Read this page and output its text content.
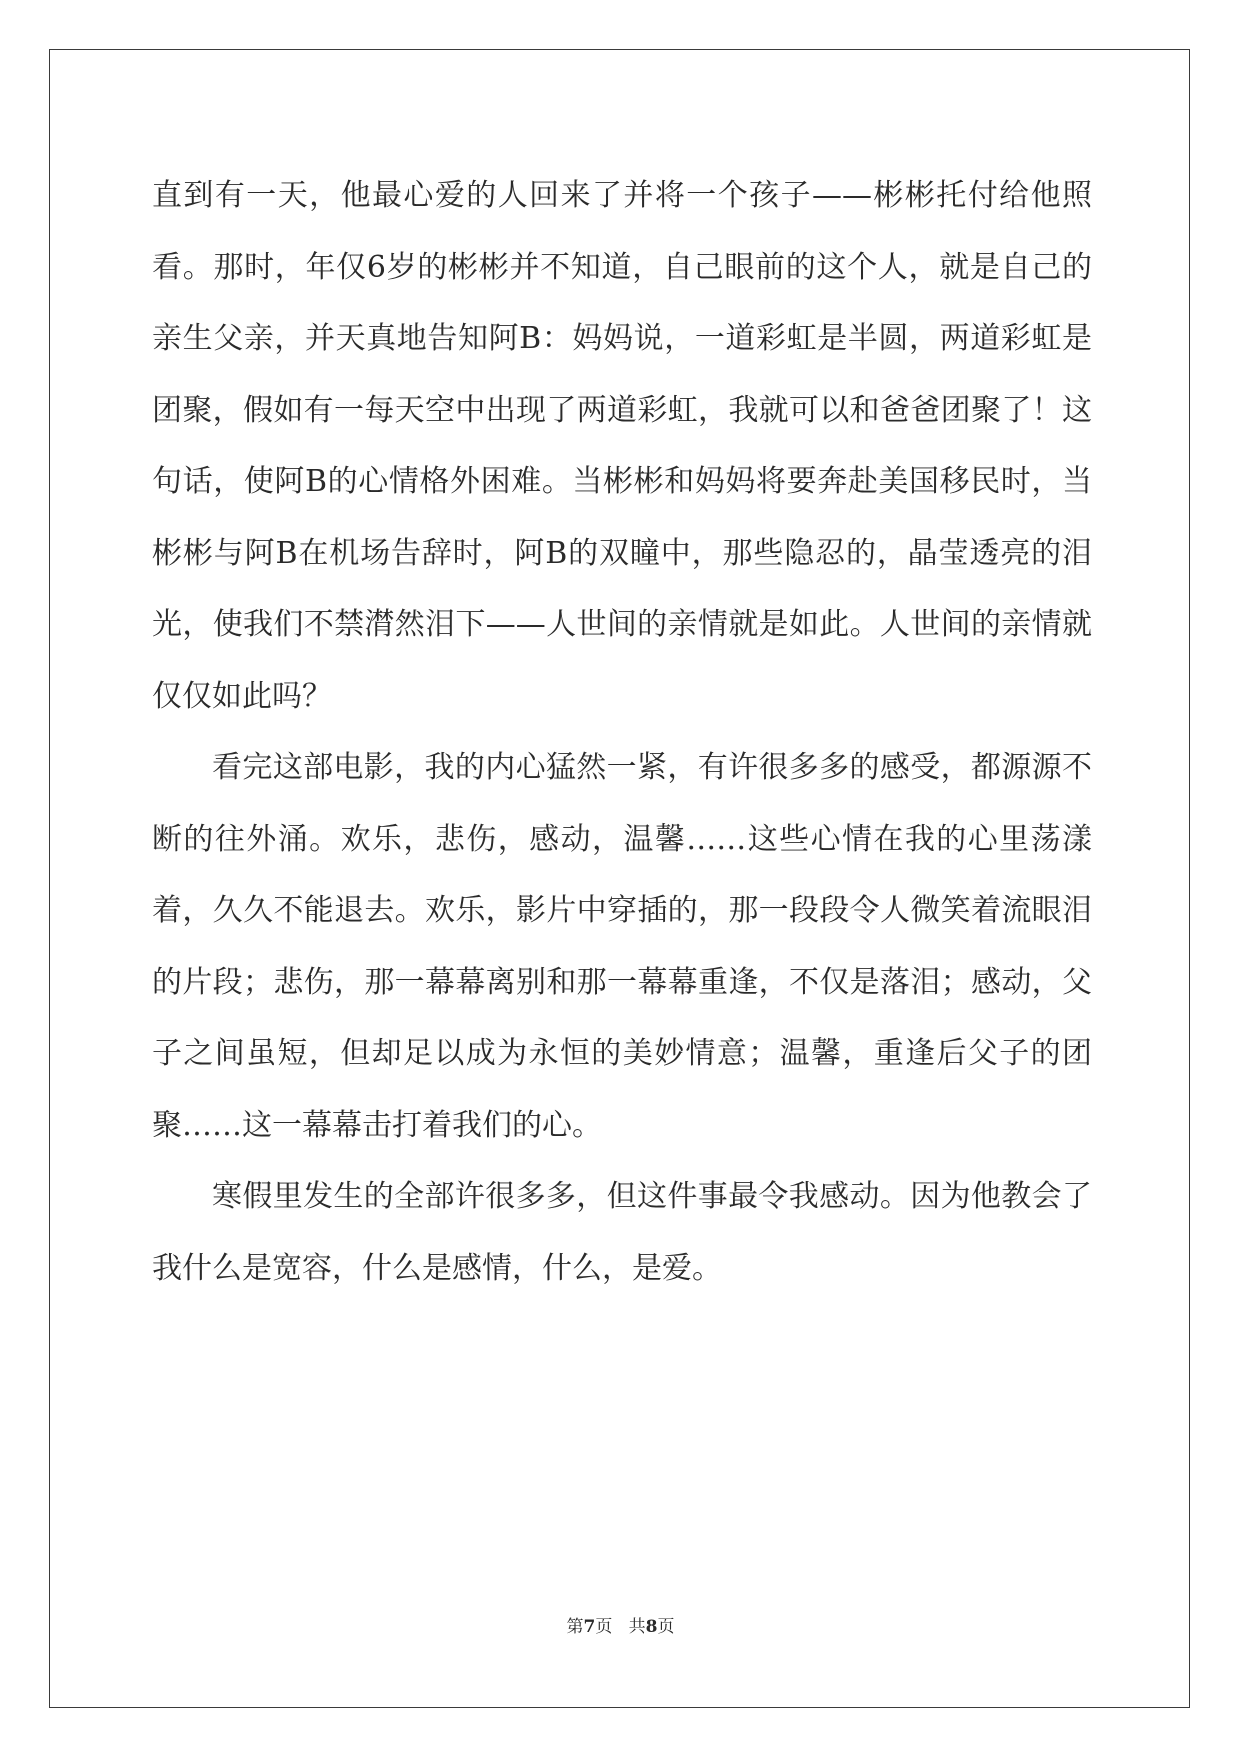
直到有一天，他最心爱的人回来了并将一个孩子——彬彬托付给他照看。那时，年仅6岁的彬彬并不知道，自己眼前的这个人，就是自己的亲生父亲，并天真地告知阿B：妈妈说，一道彩虹是半圆，两道彩虹是团聚，假如有一每天空中出现了两道彩虹，我就可以和爸爸团聚了！这句话，使阿B的心情格外困难。当彬彬和妈妈将要奔赴美国移民时，当彬彬与阿B在机场告辞时，阿B的双瞳中，那些隐忍的，晶莹透亮的泪光，使我们不禁潸然泪下——人世间的亲情就是如此。人世间的亲情就仅仅如此吗？

看完这部电影，我的内心猛然一紧，有许很多多的感受，都源源不断的往外涌。欢乐，悲伤，感动，温馨……这些心情在我的心里荡漾着，久久不能退去。欢乐，影片中穿插的，那一段段令人微笑着流眼泪的片段；悲伤，那一幕幕离别和那一幕幕重逢，不仅是落泪；感动，父子之间虽短，但却足以成为永恒的美妙情意；温馨，重逢后父子的团聚……这一幕幕击打着我们的心。

寒假里发生的全部许很多多，但这件事最令我感动。因为他教会了我什么是宽容，什么是感情，什么，是爱。

第7页   共8页
